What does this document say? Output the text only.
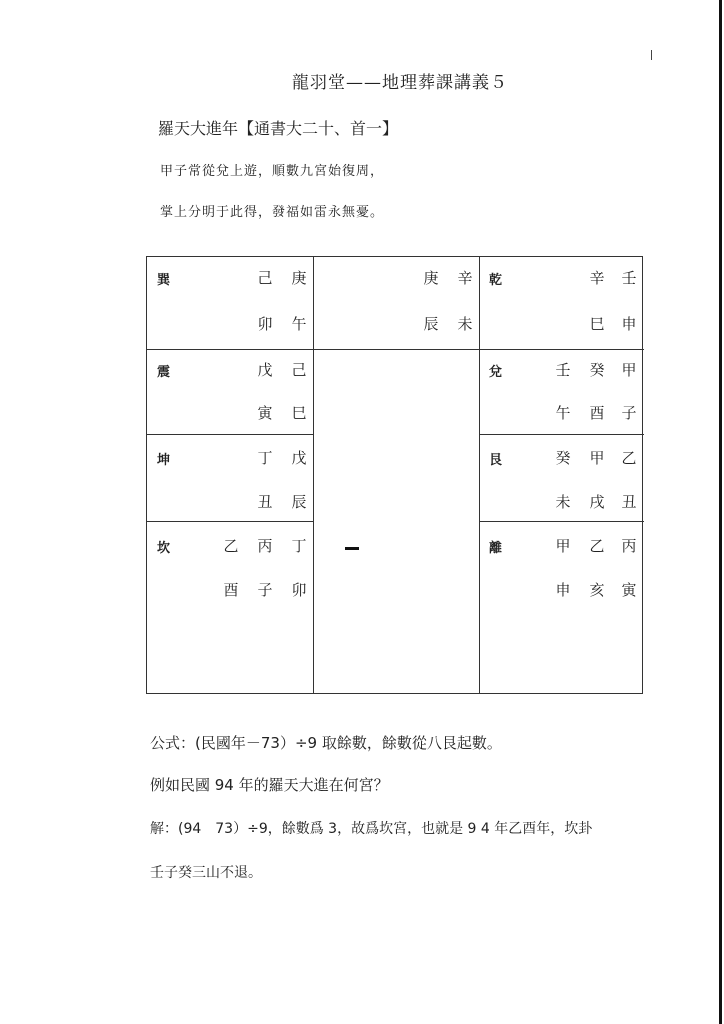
龍羽堂——地理葬課講義５
羅天大進年【通書大二十、首一】
甲子常從兌上遊，順數九宮始復周，
掌上分明于此得，發福如雷永無憂。
巽	己 庚
卯 午
庚 辛
辰 未
乾	辛 壬
巳 申
震	戊 己
寅 巳
兌	壬 癸 甲
午 酉 子
坤	丁 戊
丑 辰
艮	癸 甲 乙
未 戌 丑
坎	乙 丙 丁
酉 子 卯
離	甲 乙 丙
申 亥 寅
公式：(民國年－73）÷9 取餘數，餘數從八艮起數。
例如民國 94 年的羅天大進在何宮？
解：(94　73）÷9，餘數爲 3，故爲坎宮，也就是 9 4 年乙酉年，坎卦
壬子癸三山不退。
